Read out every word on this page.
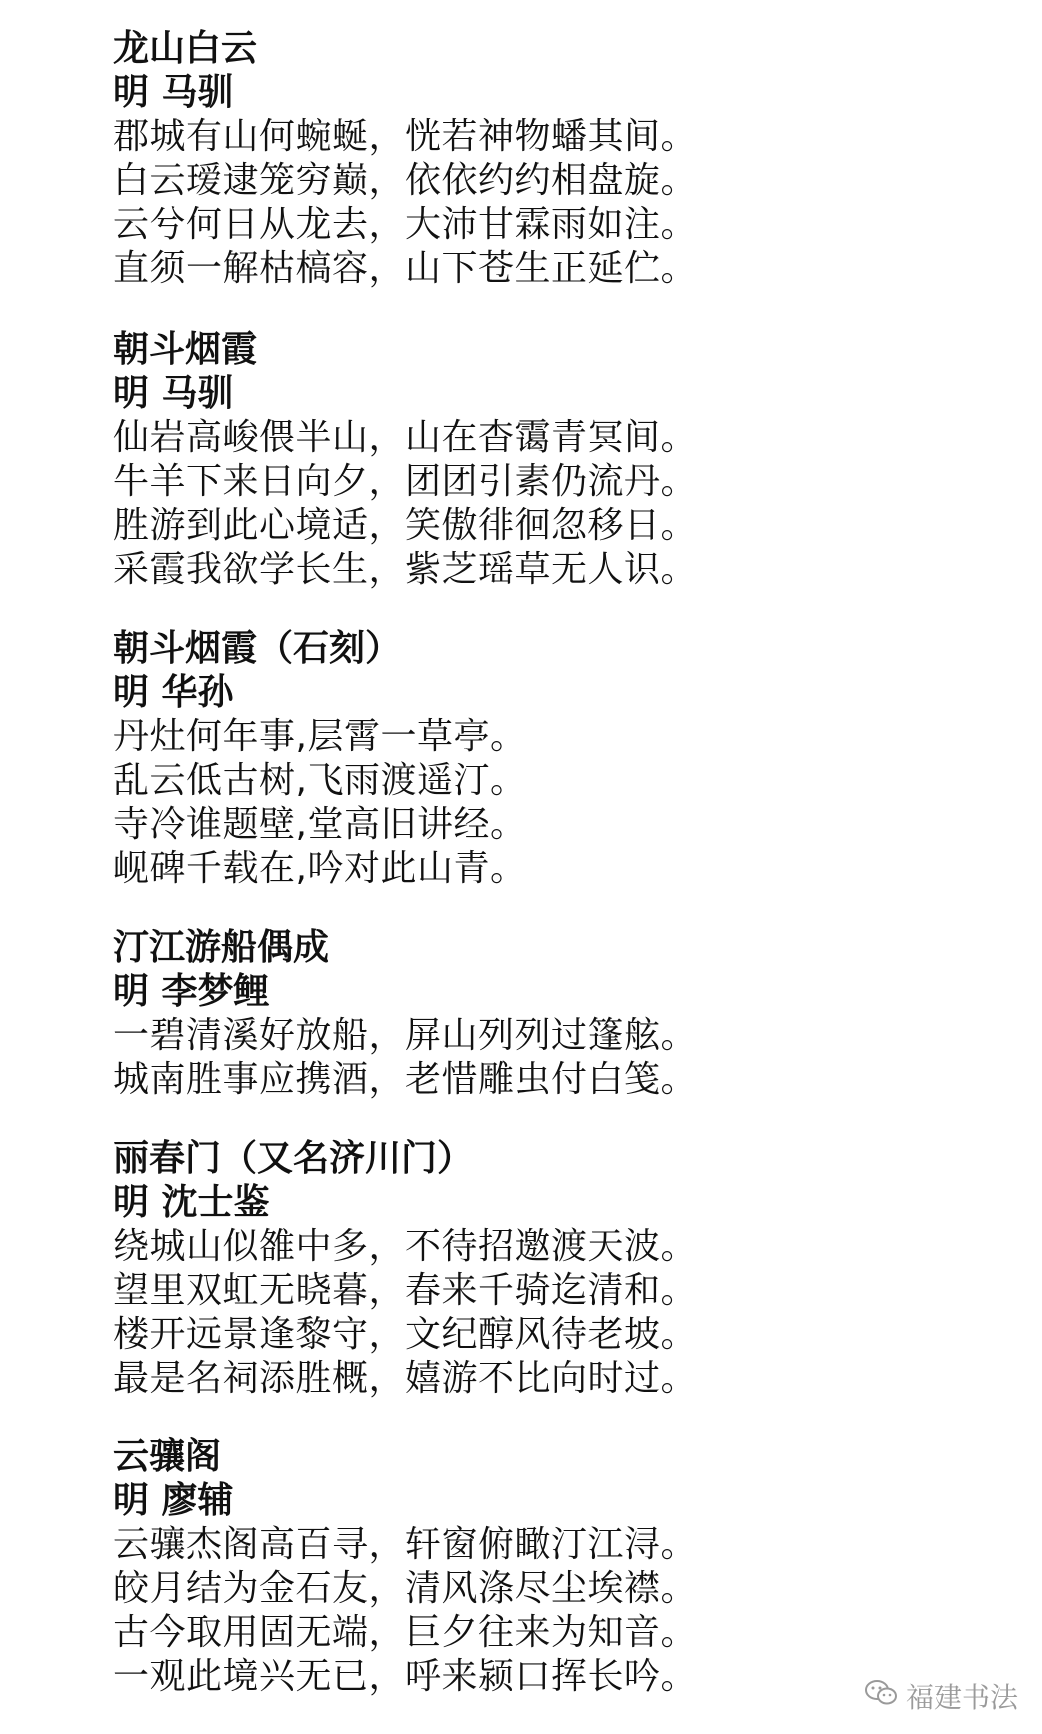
龙山白云
明 马驯
郡城有山何蜿蜒，恍若神物蟠其间。
白云瑷逮笼穷巅，依依约约相盘旋。
云兮何日从龙去，大沛甘霖雨如注。
直须一解枯槁容，山下苍生正延伫。
朝斗烟霞
明 马驯
仙岩高峻偎半山，山在杳霭青冥间。
牛羊下来日向夕，团团引素仍流丹。
胜游到此心境适，笑傲徘徊忽移日。
采霞我欲学长生，紫芝瑶草无人识。
朝斗烟霞（石刻）
明 华孙
丹灶何年事,层霄一草亭。
乱云低古树,飞雨渡遥汀。
寺冷谁题壁,堂高旧讲经。
岘碑千载在,吟对此山青。
汀江游船偶成
明 李梦鲤
一碧清溪好放船，屏山列列过篷舷。
城南胜事应携酒，老惜雕虫付白笺。
丽春门（又名济川门）
明 沈士鉴
绕城山似雒中多，不待招邀渡天波。
望里双虹无晓暮，春来千骑迄清和。
楼开远景逢黎守，文纪醇风待老坡。
最是名祠添胜概，嬉游不比向时过。
云骧阁
明 廖辅
云骧杰阁高百寻，轩窗俯瞰汀江浔。
皎月结为金石友，清风涤尽尘埃襟。
古今取用固无端，巨夕往来为知音。
一观此境兴无已，呼来颍口挥长吟。
福建书法
